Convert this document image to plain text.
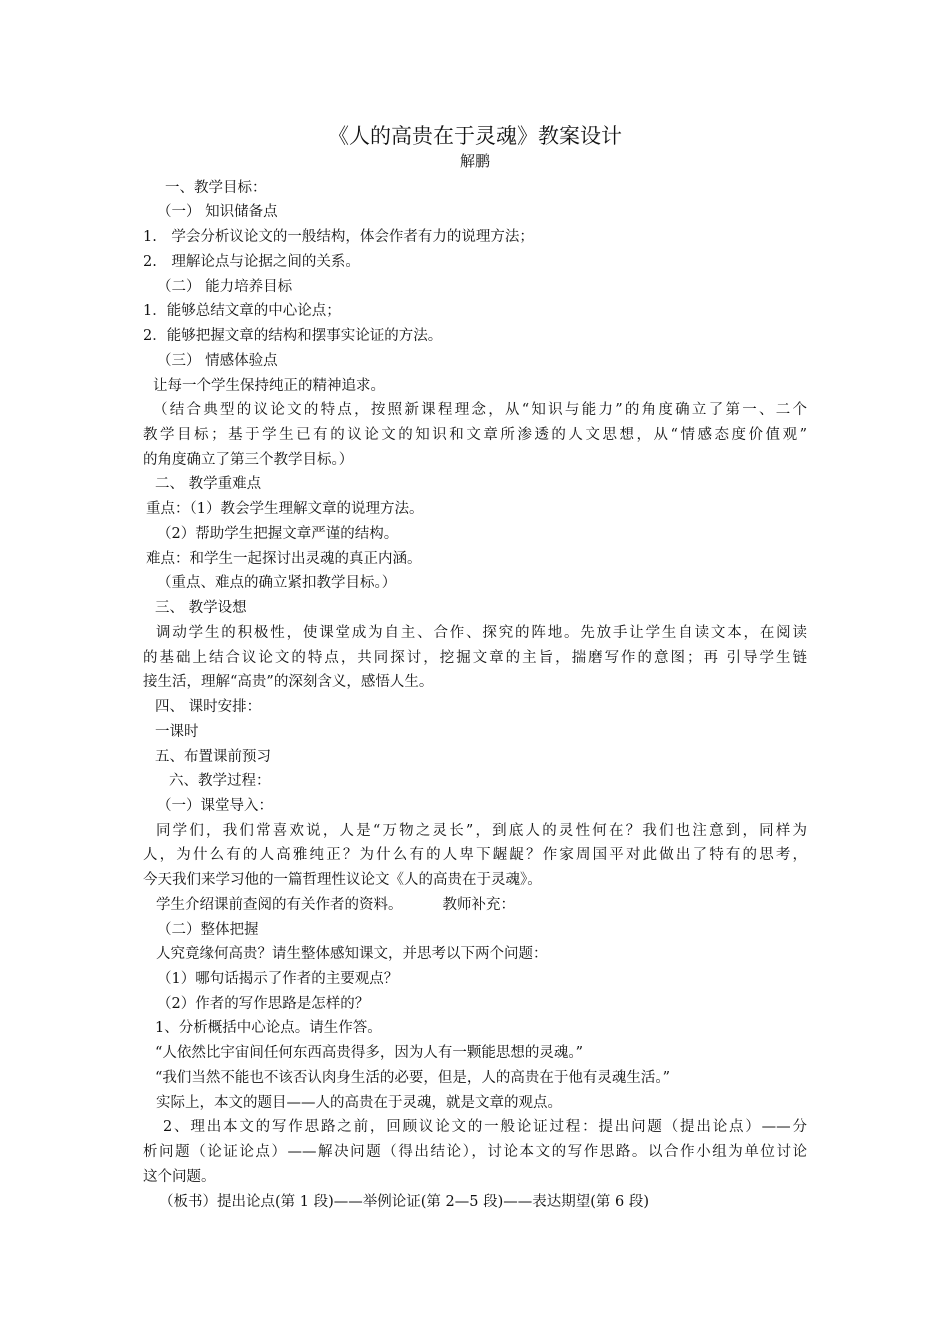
《人的高贵在于灵魂》教案设计
解鹏
一、教学目标：
（一） 知识储备点
1.　学会分析议论文的一般结构，体会作者有力的说理方法；
2.　理解论点与论据之间的关系。
（二） 能力培养目标
1．能够总结文章的中心论点；
2．能够把握文章的结构和摆事实论证的方法。
（三） 情感体验点
让每一个学生保持纯正的精神追求。
（结合典型的议论文的特点，按照新课程理念，从“知识与能力”的角度确立了第一、二个
教学目标；基于学生已有的议论文的知识和文章所渗透的人文思想，从“情感态度价值观”
的角度确立了第三个教学目标。）
二、 教学重难点
重点：（1）教会学生理解文章的说理方法。
（2）帮助学生把握文章严谨的结构。
难点：和学生一起探讨出灵魂的真正内涵。
（重点、难点的确立紧扣教学目标。）
三、 教学设想
调动学生的积极性，使课堂成为自主、合作、探究的阵地。先放手让学生自读文本，在阅读
的基础上结合议论文的特点，共同探讨，挖掘文章的主旨，揣磨写作的意图；再 引导学生链
接生活，理解“高贵”的深刻含义，感悟人生。
四、 课时安排：
一课时
五、布置课前预习
六、教学过程：
（一）课堂导入：
同学们，我们常喜欢说，人是“万物之灵长”，到底人的灵性何在？我们也注意到，同样为
人，为什么有的人高雅纯正？为什么有的人卑下龌龊？作家周国平对此做出了特有的思考，
今天我们来学习他的一篇哲理性议论文《人的高贵在于灵魂》。
学生介绍课前查阅的有关作者的资料。	教师补充：
（二）整体把握
人究竟缘何高贵？请生整体感知课文，并思考以下两个问题：
（1）哪句话揭示了作者的主要观点？
（2）作者的写作思路是怎样的？
1、分析概括中心论点。请生作答。
“人依然比宇宙间任何东西高贵得多，因为人有一颗能思想的灵魂。”
“我们当然不能也不该否认肉身生活的必要，但是，人的高贵在于他有灵魂生活。”
实际上，本文的题目——人的高贵在于灵魂，就是文章的观点。
2、理出本文的写作思路之前，回顾议论文的一般论证过程：提出问题（提出论点）——分
析问题（论证论点）——解决问题（得出结论），讨论本文的写作思路。以合作小组为单位讨论
这个问题。
（板书）提出论点(第 1 段)——举例论证(第 2—5 段)——表达期望(第 6 段)
